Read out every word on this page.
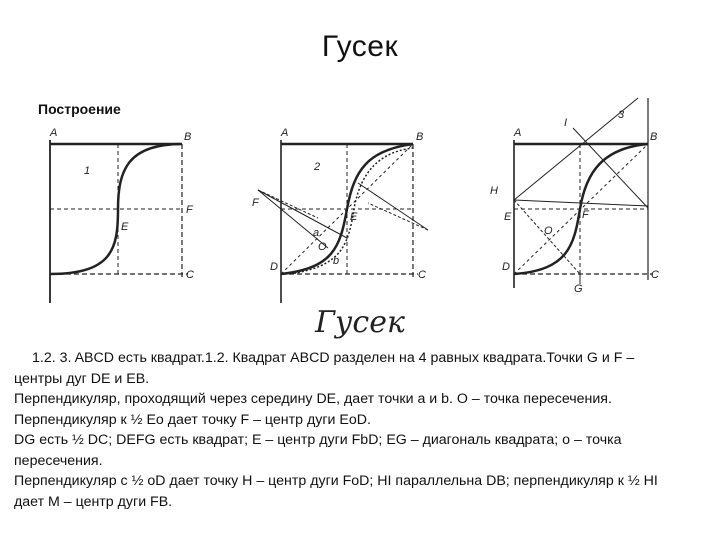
Гусек
Построение
A	B
C
F
E
1
A	B
C
D
E
F
a
b
O
2
A	B
C
D
E	F
H
I
G
O
3
Гусек

1.2. 3. ABCD есть квадрат.1.2. Квадрат ABCD разделен на 4 равных квадрата.Точки G и F – центры дуг DE и EB.

Перпендикуляр, проходящий через середину DE, дает точки a и b. O – точка пересечения. Перпендикуляр к ½ Eo дает точку F – центр дуги EoD.

DG есть ½ DC; DEFG есть квадрат; E – центр дуги FbD; EG – диагональ квадрата; o – точка пересечения.

Перпендикуляр с ½ oD дает точку H – центр дуги FoD; HI параллельна DB; перпендикуляр к ½ HI дает M – центр дуги FB.
